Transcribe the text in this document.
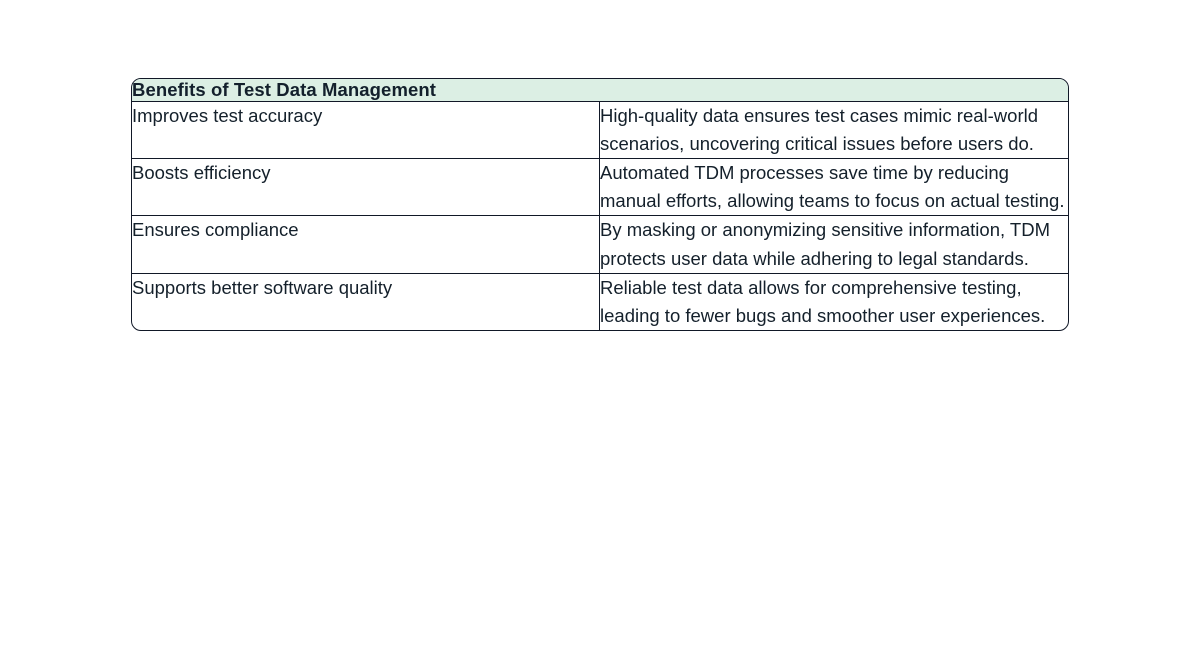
Benefits of Test Data Management	

Improves test accuracy	High-quality data ensures test cases mimic real-world scenarios, uncovering critical issues before users do.

Boosts efficiency	Automated TDM processes save time by reducing manual efforts, allowing teams to focus on actual testing.

Ensures compliance	By masking or anonymizing sensitive information, TDM protects user data while adhering to legal standards.

Supports better software quality	Reliable test data allows for comprehensive testing, leading to fewer bugs and smoother user experiences.
